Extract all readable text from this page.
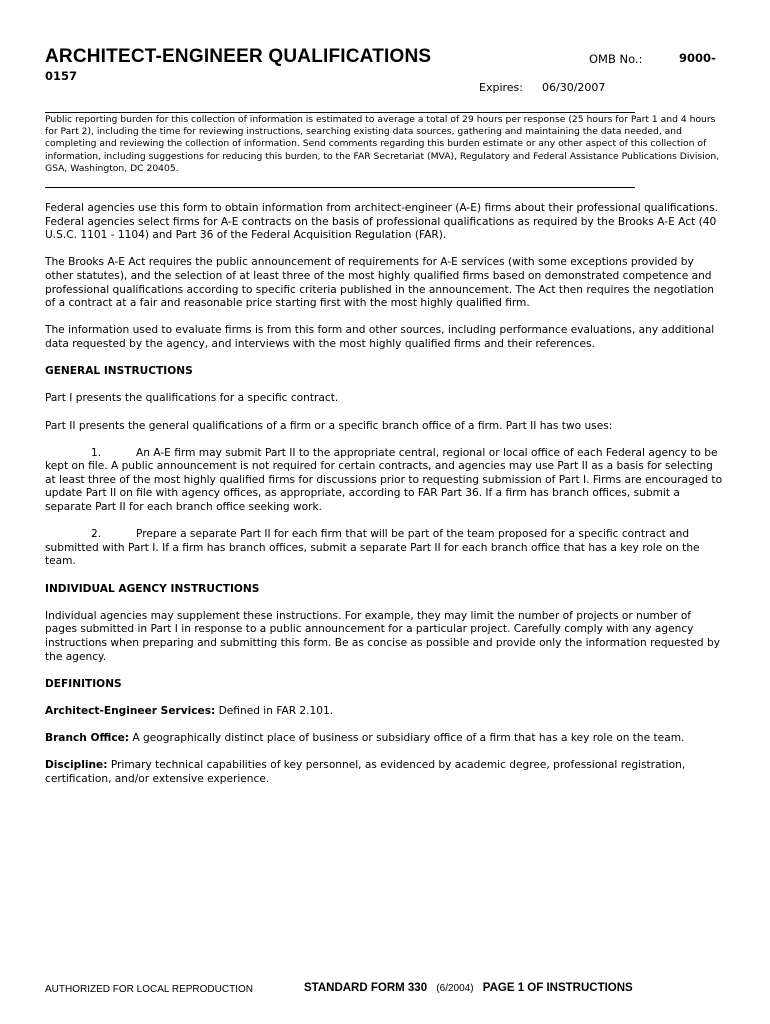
ARCHITECT-ENGINEER QUALIFICATIONS	OMB No.:	9000-
0157
Expires: 06/30/2007

Public reporting burden for this collection of information is estimated to average a total of 29 hours per response (25 hours for Part 1 and 4 hours for Part 2), including the time for reviewing instructions, searching existing data sources, gathering and maintaining the data needed, and completing and reviewing the collection of information. Send comments regarding this burden estimate or any other aspect of this collection of information, including suggestions for reducing this burden, to the FAR Secretariat (MVA), Regulatory and Federal Assistance Publications Division, GSA, Washington, DC 20405.

Federal agencies use this form to obtain information from architect-engineer (A-E) firms about their professional qualifications. Federal agencies select firms for A-E contracts on the basis of professional qualifications as required by the Brooks A-E Act (40 U.S.C. 1101 - 1104) and Part 36 of the Federal Acquisition Regulation (FAR).

The Brooks A-E Act requires the public announcement of requirements for A-E services (with some exceptions provided by other statutes), and the selection of at least three of the most highly qualified firms based on demonstrated competence and professional qualifications according to specific criteria published in the announcement. The Act then requires the negotiation of a contract at a fair and reasonable price starting first with the most highly qualified firm.

The information used to evaluate firms is from this form and other sources, including performance evaluations, any additional data requested by the agency, and interviews with the most highly qualified firms and their references.

GENERAL INSTRUCTIONS

Part I presents the qualifications for a specific contract.

Part II presents the general qualifications of a firm or a specific branch office of a firm. Part II has two uses:

1.	An A-E firm may submit Part II to the appropriate central, regional or local office of each Federal agency to be kept on file. A public announcement is not required for certain contracts, and agencies may use Part II as a basis for selecting at least three of the most highly qualified firms for discussions prior to requesting submission of Part I. Firms are encouraged to update Part II on file with agency offices, as appropriate, according to FAR Part 36. If a firm has branch offices, submit a separate Part II for each branch office seeking work.

2.	Prepare a separate Part II for each firm that will be part of the team proposed for a specific contract and submitted with Part I. If a firm has branch offices, submit a separate Part II for each branch office that has a key role on the team.

INDIVIDUAL AGENCY INSTRUCTIONS

Individual agencies may supplement these instructions. For example, they may limit the number of projects or number of pages submitted in Part I in response to a public announcement for a particular project. Carefully comply with any agency instructions when preparing and submitting this form. Be as concise as possible and provide only the information requested by the agency.

DEFINITIONS

Architect-Engineer Services: Defined in FAR 2.101.

Branch Office: A geographically distinct place of business or subsidiary office of a firm that has a key role on the team.

Discipline: Primary technical capabilities of key personnel, as evidenced by academic degree, professional registration, certification, and/or extensive experience.

AUTHORIZED FOR LOCAL REPRODUCTION	STANDARD FORM 330 (6/2004) PAGE 1 OF INSTRUCTIONS
